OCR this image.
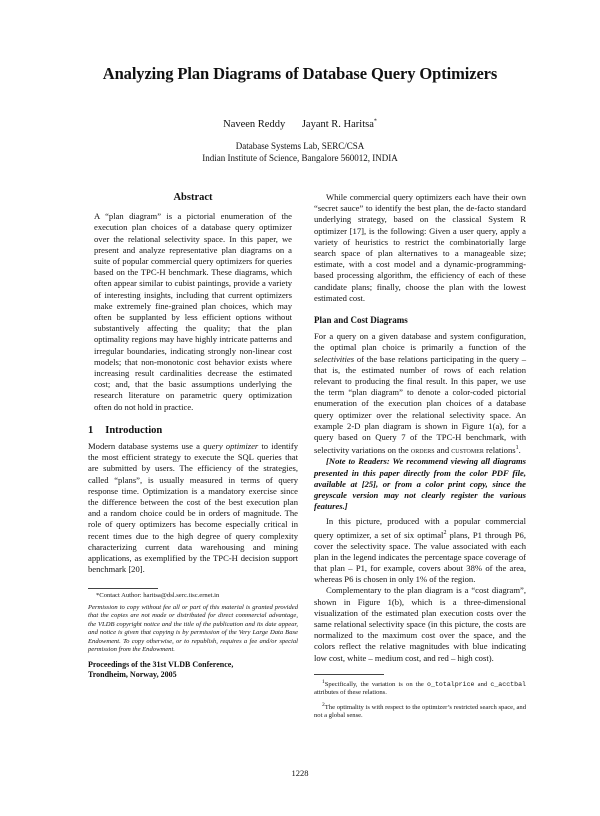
Analyzing Plan Diagrams of Database Query Optimizers
Naveen Reddy Jayant R. Haritsa*
Database Systems Lab, SERC/CSA
Indian Institute of Science, Bangalore 560012, INDIA
Abstract

A “plan diagram” is a pictorial enumeration of the execution plan choices of a database query optimizer over the relational selectivity space. In this paper, we present and analyze representative plan diagrams on a suite of popular commercial query optimizers for queries based on the TPC-H benchmark. These diagrams, which often appear similar to cubist paintings, provide a variety of interesting insights, including that current optimizers make extremely fine-grained plan choices, which may often be supplanted by less efficient options without substantively affecting the quality; that the plan optimality regions may have highly intricate patterns and irregular boundaries, indicating strongly non-linear cost models; that non-monotonic cost behavior exists where increasing result cardinalities decrease the estimated cost; and, that the basic assumptions underlying the research literature on parametric query optimization often do not hold in practice.

1 Introduction

Modern database systems use a query optimizer to identify the most efficient strategy to execute the SQL queries that are submitted by users. The efficiency of the strategies, called “plans”, is usually measured in terms of query response time. Optimization is a mandatory exercise since the difference between the cost of the best execution plan and a random choice could be in orders of magnitude. The role of query optimizers has become especially critical in recent times due to the high degree of query complexity characterizing current data warehousing and mining applications, as exemplified by the TPC-H decision support benchmark [20].

*Contact Author: haritsa@dsl.serc.iisc.ernet.in
Permission to copy without fee all or part of this material is granted provided that the copies are not made or distributed for direct commercial advantage, the VLDB copyright notice and the title of the publication and its date appear, and notice is given that copying is by permission of the Very Large Data Base Endowment. To copy otherwise, or to republish, requires a fee and/or special permission from the Endowment.
Proceedings of the 31st VLDB Conference,
Trondheim, Norway, 2005

While commercial query optimizers each have their own “secret sauce” to identify the best plan, the de-facto standard underlying strategy, based on the classical System R optimizer [17], is the following: Given a user query, apply a variety of heuristics to restrict the combinatorially large search space of plan alternatives to a manageable size; estimate, with a cost model and a dynamic-programming-based processing algorithm, the efficiency of each of these candidate plans; finally, choose the plan with the lowest estimated cost.

Plan and Cost Diagrams

For a query on a given database and system configuration, the optimal plan choice is primarily a function of the selectivities of the base relations participating in the query – that is, the estimated number of rows of each relation relevant to producing the final result. In this paper, we use the term “plan diagram” to denote a color-coded pictorial enumeration of the execution plan choices of a database query optimizer over the relational selectivity space. An example 2-D plan diagram is shown in Figure 1(a), for a query based on Query 7 of the TPC-H benchmark, with selectivity variations on the orders and customer relations$^1$.

[Note to Readers: We recommend viewing all diagrams presented in this paper directly from the color PDF file, available at [25], or from a color print copy, since the greyscale version may not clearly register the various features.]

In this picture, produced with a popular commercial query optimizer, a set of six optimal$^2$ plans, P1 through P6, cover the selectivity space. The value associated with each plan in the legend indicates the percentage space coverage of that plan – P1, for example, covers about 38% of the area, whereas P6 is chosen in only 1% of the region.

Complementary to the plan diagram is a “cost diagram”, shown in Figure 1(b), which is a three-dimensional visualization of the estimated plan execution costs over the same relational selectivity space (in this picture, the costs are normalized to the maximum cost over the space, and the colors reflect the relative magnitudes with blue indicating low cost, white – medium cost, and red – high cost).

$^1$Specifically, the variation is on the o_totalprice and c_acctbal attributes of these relations.
$^2$The optimality is with respect to the optimizer’s restricted search space, and not a global sense.
1228
